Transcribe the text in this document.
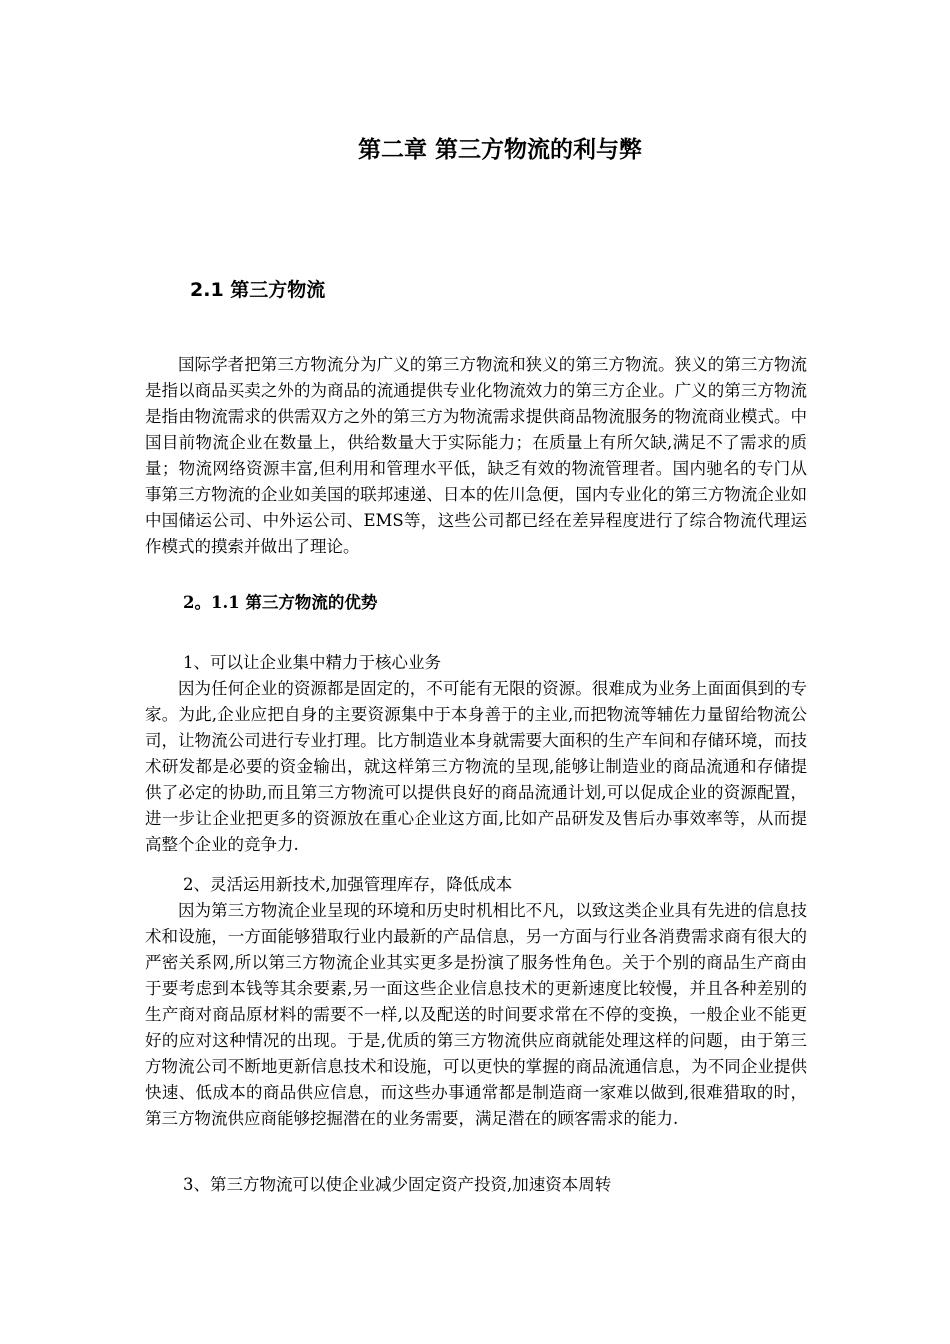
第二章 第三方物流的利与弊
2.1 第三方物流

国际学者把第三方物流分为广义的第三方物流和狭义的第三方物流。狭义的第三方物流是指以商品买卖之外的为商品的流通提供专业化物流效力的第三方企业。广义的第三方物流是指由物流需求的供需双方之外的第三方为物流需求提供商品物流服务的物流商业模式。中国目前物流企业在数量上，供给数量大于实际能力；在质量上有所欠缺,满足不了需求的质量；物流网络资源丰富,但利用和管理水平低，缺乏有效的物流管理者。国内驰名的专门从事第三方物流的企业如美国的联邦速递、日本的佐川急便，国内专业化的第三方物流企业如中国储运公司、中外运公司、EMS等，这些公司都已经在差异程度进行了综合物流代理运作模式的摸索并做出了理论。

2。1.1 第三方物流的优势

1、可以让企业集中精力于核心业务

因为任何企业的资源都是固定的，不可能有无限的资源。很难成为业务上面面俱到的专家。为此,企业应把自身的主要资源集中于本身善于的主业,而把物流等辅佐力量留给物流公司，让物流公司进行专业打理。比方制造业本身就需要大面积的生产车间和存储环境，而技术研发都是必要的资金输出，就这样第三方物流的呈现,能够让制造业的商品流通和存储提供了必定的协助,而且第三方物流可以提供良好的商品流通计划,可以促成企业的资源配置，进一步让企业把更多的资源放在重心企业这方面,比如产品研发及售后办事效率等，从而提高整个企业的竞争力.

2、灵活运用新技术,加强管理库存，降低成本

因为第三方物流企业呈现的环境和历史时机相比不凡，以致这类企业具有先进的信息技术和设施，一方面能够猎取行业内最新的产品信息，另一方面与行业各消费需求商有很大的严密关系网,所以第三方物流企业其实更多是扮演了服务性角色。关于个别的商品生产商由于要考虑到本钱等其余要素,另一面这些企业信息技术的更新速度比较慢，并且各种差别的生产商对商品原材料的需要不一样,以及配送的时间要求常在不停的变换，一般企业不能更好的应对这种情况的出现。于是,优质的第三方物流供应商就能处理这样的问题，由于第三方物流公司不断地更新信息技术和设施，可以更快的掌握的商品流通信息，为不同企业提供快速、低成本的商品供应信息，而这些办事通常都是制造商一家难以做到,很难猎取的时，第三方物流供应商能够挖掘潜在的业务需要，满足潜在的顾客需求的能力.

3、第三方物流可以使企业减少固定资产投资,加速资本周转
